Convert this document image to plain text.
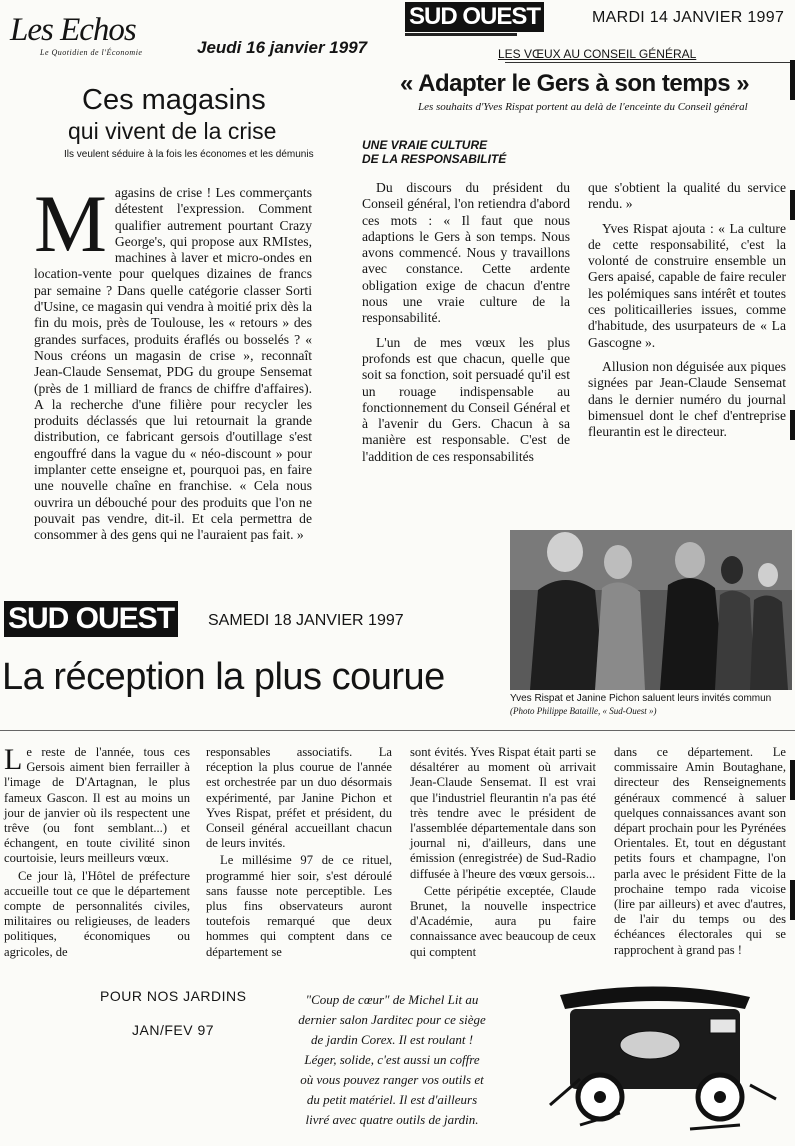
Les Echos
Le Quotidien de l'Économie	Jeudi 16 janvier 1997
SUD OUEST	MARDI 14 JANVIER 1997
LES VŒUX AU CONSEIL GÉNÉRAL
« Adapter le Gers à son temps »
Les souhaits d'Yves Rispat portent au delà de l'enceinte du Conseil général
Ces magasins
qui vivent de la crise
Ils veulent séduire à la fois les économes et les démunis
M agasins de crise ! Les commerçants détestent l'expression. Comment qualifier autrement pourtant Crazy George's, qui propose aux RMIstes, machines à laver et micro-ondes en location-vente pour quelques dizaines de francs par semaine ? Dans quelle catégorie classer Sorti d'Usine, ce magasin qui vendra à moitié prix dès la fin du mois, près de Toulouse, les « retours » des grandes surfaces, produits éraflés ou bosselés ? « Nous créons un magasin de crise », reconnaît Jean-Claude Sensemat, PDG du groupe Sensemat (près de 1 milliard de francs de chiffre d'affaires). A la recherche d'une filière pour recycler les produits déclassés que lui retournait la grande distribution, ce fabricant gersois d'outillage s'est engouffré dans la vague du « néo-discount » pour implanter cette enseigne et, pourquoi pas, en faire une nouvelle chaîne en franchise. « Cela nous ouvrira un débouché pour des produits que l'on ne pouvait pas vendre, dit-il. Et cela permettra de consommer à des gens qui ne l'auraient pas fait. »

UNE VRAIE CULTURE
DE LA RESPONSABILITÉ

Du discours du président du Conseil général, l'on retiendra d'abord ces mots : « Il faut que nous adaptions le Gers à son temps. Nous avons commencé. Nous y travaillons avec constance. Cette ardente obligation exige de chacun d'entre nous une vraie culture de la responsabilité.

L'un de mes vœux les plus profonds est que chacun, quelle que soit sa fonction, soit persuadé qu'il est un rouage indispensable au fonctionnement du Conseil Général et à l'avenir du Gers. Chacun à sa manière est responsable. C'est de l'addition de ces responsabilités

que s'obtient la qualité du service rendu. »

Yves Rispat ajouta : « La culture de cette responsabilité, c'est la volonté de construire ensemble un Gers apaisé, capable de faire reculer les polémiques sans intérêt et toutes ces politicailleries issues, comme d'habitude, des usurpateurs de « La Gascogne ».

Allusion non déguisée aux piques signées par Jean-Claude Sensemat dans le dernier numéro du journal bimensuel dont le chef d'entreprise fleurantin est le directeur.

Yves Rispat et Janine Pichon saluent leurs invités commun
(Photo Philippe Bataille, « Sud-Ouest »)
SUD OUEST SAMEDI 18 JANVIER 1997
La réception la plus courue
L e reste de l'année, tous ces Gersois aiment bien ferrailler à l'image de D'Artagnan, le plus fameux Gascon. Il est au moins un jour de janvier où ils respectent une trêve (ou font semblant...) et échangent, en toute civilité sinon courtoisie, leurs meilleurs vœux.

Ce jour là, l'Hôtel de préfecture accueille tout ce que le département compte de personnalités civiles, militaires ou religieuses, de leaders politiques, économiques ou agricoles, de

responsables associatifs. La réception la plus courue de l'année est orchestrée par un duo désormais expérimenté, par Janine Pichon et Yves Rispat, préfet et président, du Conseil général accueillant chacun de leurs invités.

Le millésime 97 de ce rituel, programmé hier soir, s'est déroulé sans fausse note perceptible. Les plus fins observateurs auront toutefois remarqué que deux hommes qui comptent dans ce département se

sont évités. Yves Rispat était parti se désaltérer au moment où arrivait Jean-Claude Sensemat. Il est vrai que l'industriel fleurantin n'a pas été très tendre avec le président de l'assemblée départementale dans son journal ni, d'ailleurs, dans une émission (enregistrée) de Sud-Radio diffusée à l'heure des vœux gersois...

Cette péripétie exceptée, Claude Brunet, la nouvelle inspectrice d'Académie, aura pu faire connaissance avec beaucoup de ceux qui comptent

dans ce département. Le commissaire Amin Boutaghane, directeur des Renseignements généraux commencé à saluer quelques connaissances avant son départ prochain pour les Pyrénées Orientales. Et, tout en dégustant petits fours et champagne, l'on parla avec le président Fitte de la prochaine tempo rada vicoise (lire par ailleurs) et avec d'autres, de l'air du temps ou des échéances électorales qui se rapprochent à grand pas !

POUR NOS JARDINS
JAN/FEV 97
"Coup de cœur" de Michel Lit au
dernier salon Jarditec pour ce siège
de jardin Corex. Il est roulant !
Léger, solide, c'est aussi un coffre
où vous pouvez ranger vos outils et
du petit matériel. Il est d'ailleurs
livré avec quatre outils de jardin.
